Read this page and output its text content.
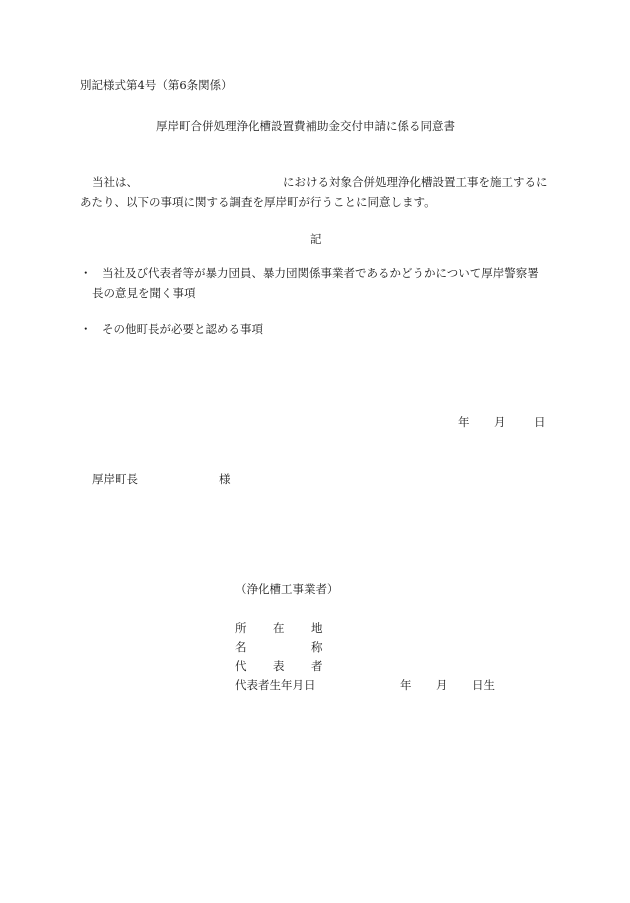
別記様式第4号（第6条関係）
厚岸町合併処理浄化槽設置費補助金交付申請に係る同意書
当社は、	における対象合併処理浄化槽設置工事を施工するに
あたり、以下の事項に関する調査を厚岸町が行うことに同意します。
記
・ 当社及び代表者等が暴力団員、暴力団関係事業者であるかどうかについて厚岸警察署
長の意見を聞く事項
・ その他町長が必要と認める事項
年 月 日
厚岸町長	様
（浄化槽工事業者）
所 在 地
名	称
代 表 者
代表者生年月日	年 月 日生
